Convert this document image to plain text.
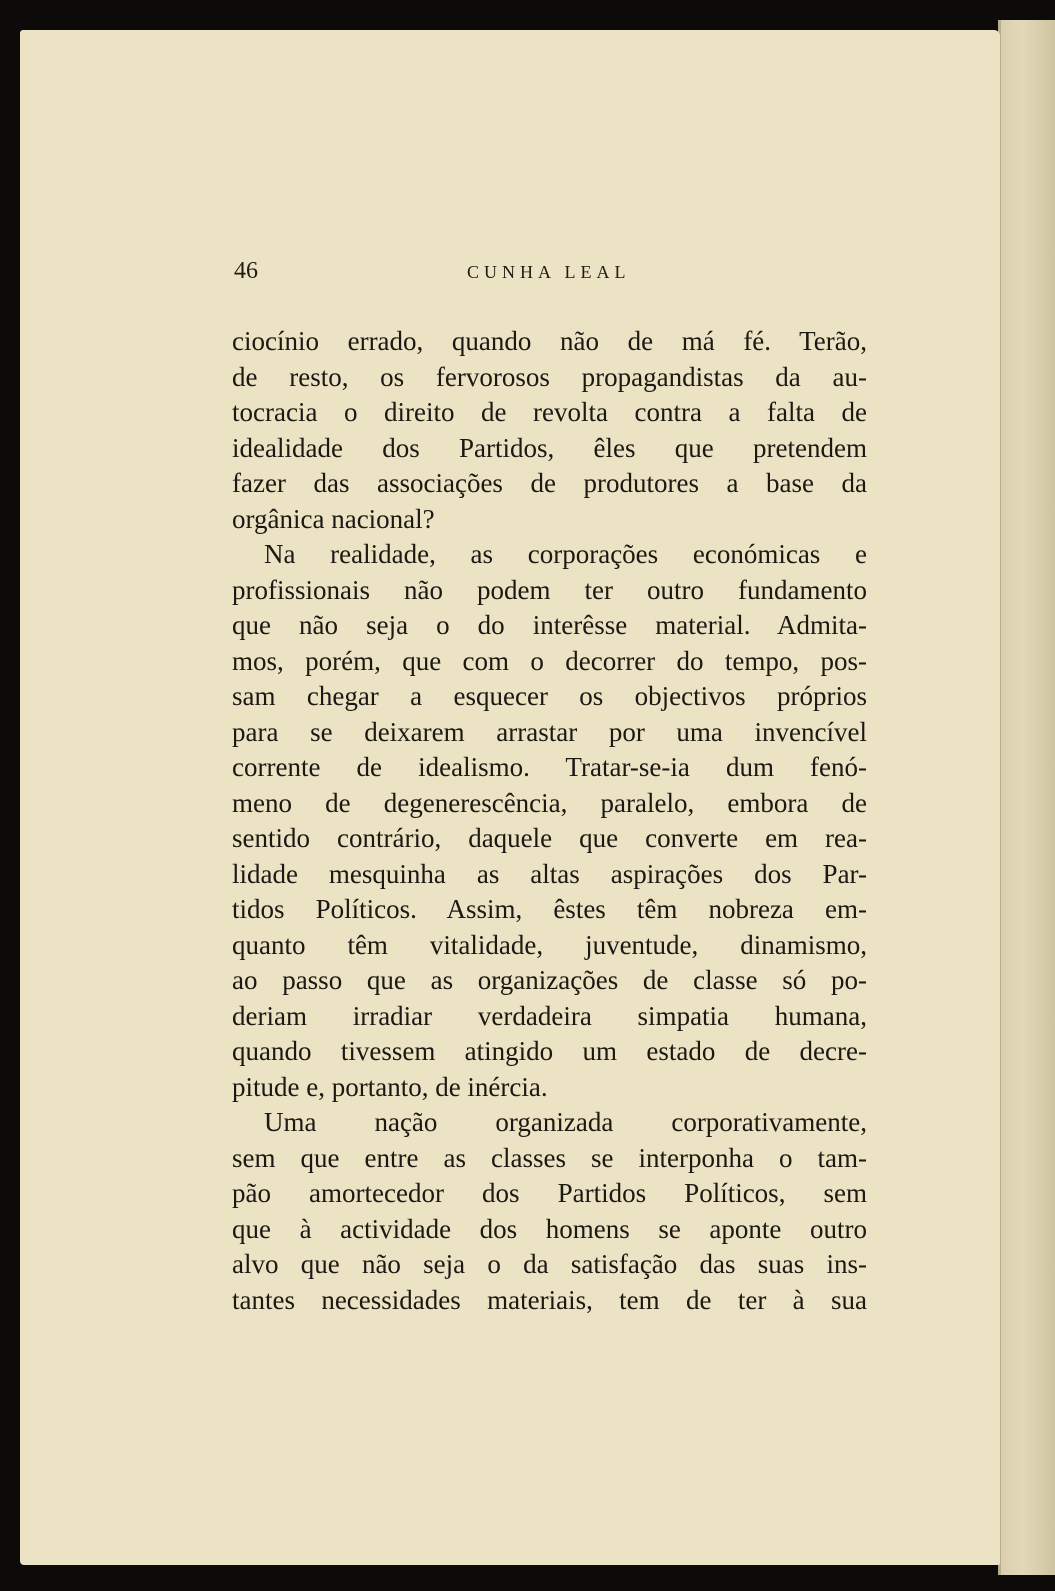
46	CUNHA LEAL
ciocínio errado, quando não de má fé. Terão,
de resto, os fervorosos propagandistas da au-
tocracia o direito de revolta contra a falta de
idealidade dos Partidos, êles que pretendem
fazer das associações de produtores a base da
orgânica nacional?
Na realidade, as corporações económicas e
profissionais não podem ter outro fundamento
que não seja o do interêsse material. Admita-
mos, porém, que com o decorrer do tempo, pos-
sam chegar a esquecer os objectivos próprios
para se deixarem arrastar por uma invencível
corrente de idealismo. Tratar-se-ia dum fenó-
meno de degenerescência, paralelo, embora de
sentido contrário, daquele que converte em rea-
lidade mesquinha as altas aspirações dos Par-
tidos Políticos. Assim, êstes têm nobreza em-
quanto têm vitalidade, juventude, dinamismo,
ao passo que as organizações de classe só po-
deriam irradiar verdadeira simpatia humana,
quando tivessem atingido um estado de decre-
pitude e, portanto, de inércia.
Uma nação organizada corporativamente,
sem que entre as classes se interponha o tam-
pão amortecedor dos Partidos Políticos, sem
que à actividade dos homens se aponte outro
alvo que não seja o da satisfação das suas ins-
tantes necessidades materiais, tem de ter à sua
